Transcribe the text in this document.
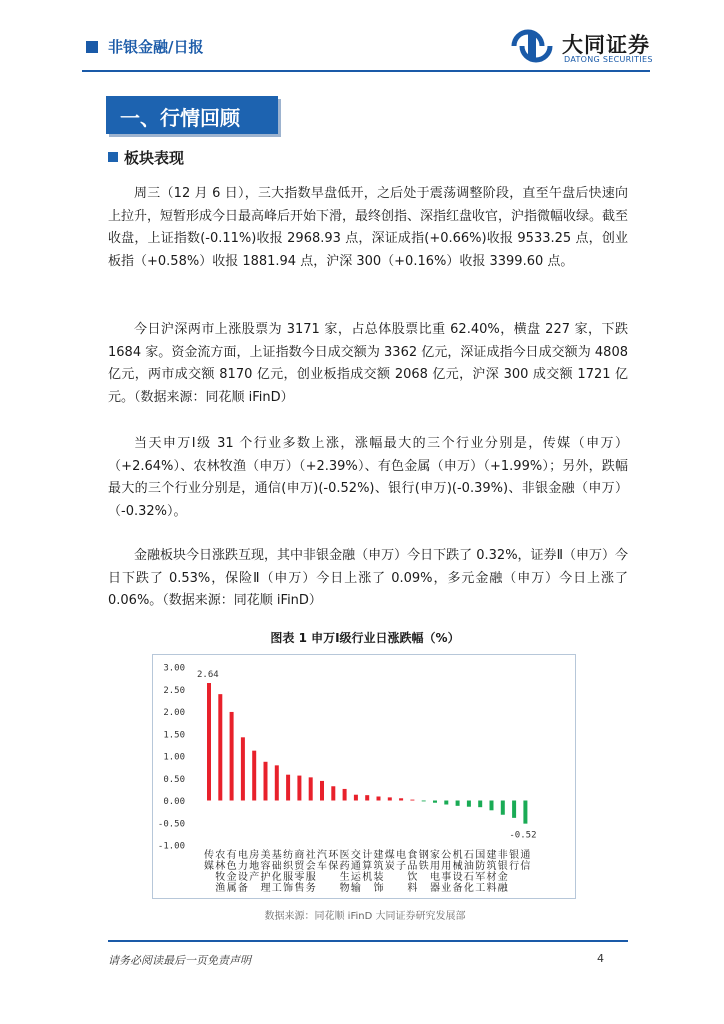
非银金融/日报	大同证券
DATONG SECURITIES
一、行情回顾
板块表现

周三（12 月 6 日），三大指数早盘低开，之后处于震荡调整阶段，直至午盘后快速向上拉升，短暂形成今日最高峰后开始下滑，最终创指、深指红盘收官，沪指微幅收绿。截至收盘，上证指数(-0.11%)收报 2968.93 点，深证成指(+0.66%)收报 9533.25 点，创业板指（+0.58%）收报 1881.94 点，沪深 300（+0.16%）收报 3399.60 点。

今日沪深两市上涨股票为 3171 家，占总体股票比重 62.40%，横盘 227 家，下跌 1684 家。资金流方面，上证指数今日成交额为 3362 亿元，深证成指今日成交额为 4808 亿元，两市成交额 8170 亿元，创业板指成交额 2068 亿元，沪深 300 成交额 1721 亿元。（数据来源：同花顺 iFinD）

当天申万Ⅰ级 31 个行业多数上涨，涨幅最大的三个行业分别是，传媒（申万）（+2.64%）、农林牧渔（申万）（+2.39%）、有色金属（申万）（+1.99%）；另外，跌幅最大的三个行业分别是，通信(申万)(-0.52%)、银行(申万)(-0.39%)、非银金融（申万）（-0.32%）。

金融板块今日涨跌互现，其中非银金融（申万）今日下跌了 0.32%，证券Ⅱ（申万）今日下跌了 0.53%，保险Ⅱ（申万）今日上涨了 0.09%，多元金融（申万）今日上涨了 0.06%。（数据来源：同花顺 iFinD）

图表 1 申万Ⅰ级行业日涨跌幅（%）
3.00
2.50
2.00
1.50
1.00
0.50
0.00
-0.50
-1.00
2.64
-0.52
传媒
农林牧渔
有色金属
电力设备
房地产
美容护理
基础化工
纺织服饰
商贸零售
社会服务
汽车
环保
医药生物
交通运输
计算机
建筑装饰
煤炭
电子
食品饮料
钢铁
家用电器
公用事业
机械设备
石油石化
国防军工
建筑材料
非银金融
银行
通信
数据来源：同花顺 iFinD 大同证券研究发展部
请务必阅读最后一页免责声明	4
